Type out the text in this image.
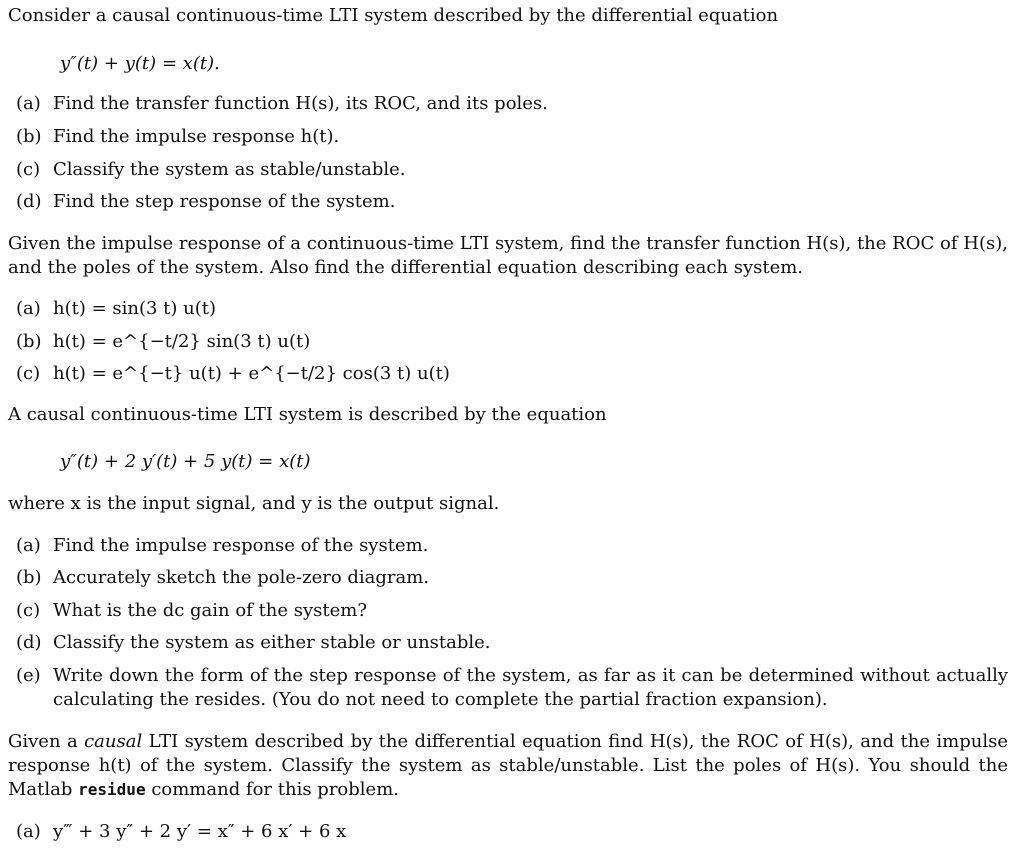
Consider a causal continuous-time LTI system described by the differential equation
y″(t) + y(t) = x(t).
(a) Find the transfer function H(s), its ROC, and its poles.
(b) Find the impulse response h(t).
(c) Classify the system as stable/unstable.
(d) Find the step response of the system.
Given the impulse response of a continuous-time LTI system, find the transfer function H(s), the ROC of H(s), and the poles of the system. Also find the differential equation describing each system.
(a) h(t) = sin(3 t) u(t)
(b) h(t) = e^{−t/2} sin(3 t) u(t)
(c) h(t) = e^{−t} u(t) + e^{−t/2} cos(3 t) u(t)
A causal continuous-time LTI system is described by the equation
y″(t) + 2 y′(t) + 5 y(t) = x(t)
where x is the input signal, and y is the output signal.
(a) Find the impulse response of the system.
(b) Accurately sketch the pole-zero diagram.
(c) What is the dc gain of the system?
(d) Classify the system as either stable or unstable.
(e) Write down the form of the step response of the system, as far as it can be determined without actually calculating the resides. (You do not need to complete the partial fraction expansion).
Given a causal LTI system described by the differential equation find H(s), the ROC of H(s), and the impulse response h(t) of the system. Classify the system as stable/unstable. List the poles of H(s). You should the Matlab residue command for this problem.
(a) y‴ + 3 y″ + 2 y′ = x″ + 6 x′ + 6 x
